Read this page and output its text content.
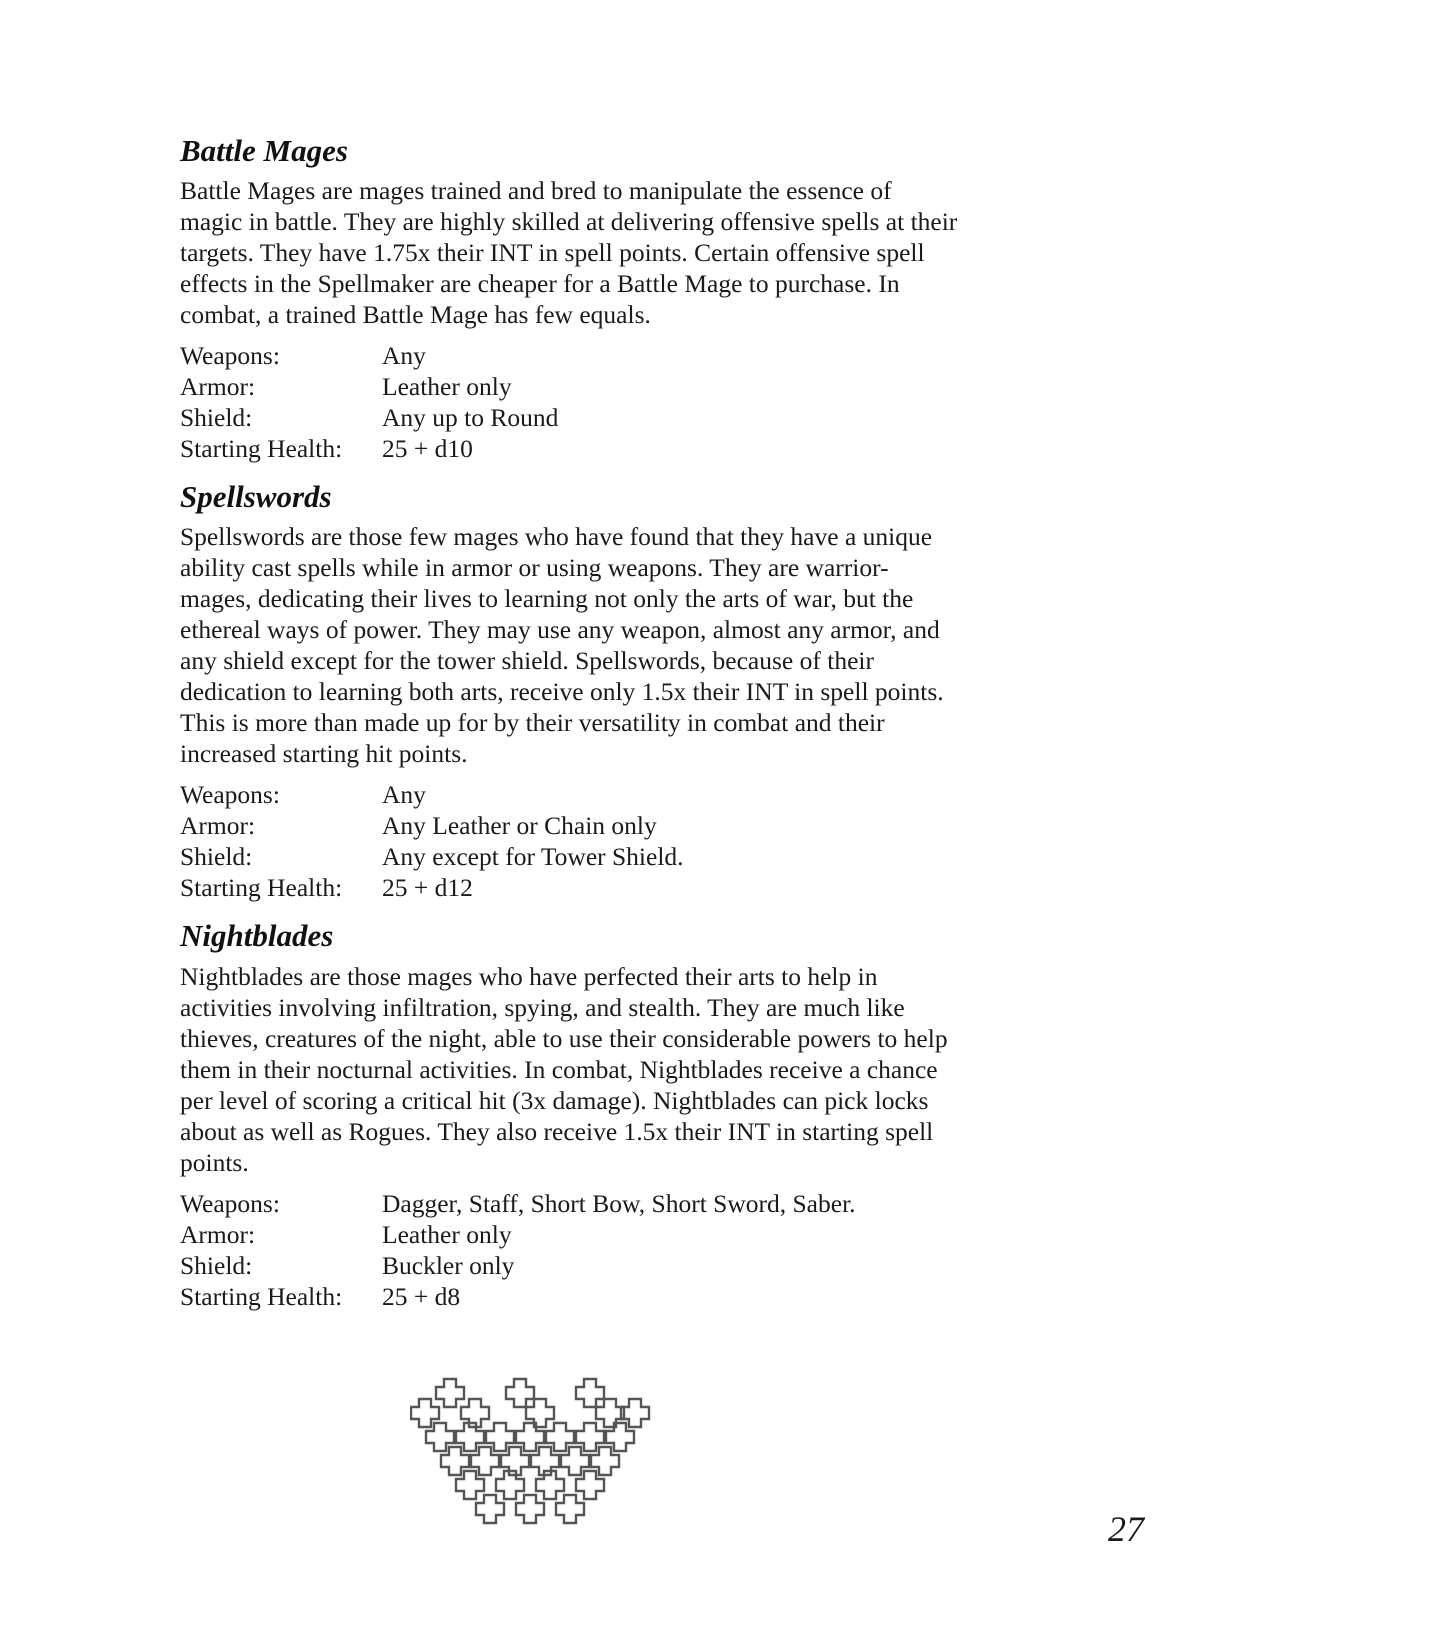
Battle Mages

Battle Mages are mages trained and bred to manipulate the essence of magic in battle. They are highly skilled at delivering offensive spells at their targets. They have 1.75x their INT in spell points. Certain offensive spell effects in the Spellmaker are cheaper for a Battle Mage to purchase. In combat, a trained Battle Mage has few equals.

Weapons:	Any
Armor:	Leather only
Shield:	Any up to Round
Starting Health:	25 + d10
Spellswords

Spellswords are those few mages who have found that they have a unique ability cast spells while in armor or using weapons. They are warrior-mages, dedicating their lives to learning not only the arts of war, but the ethereal ways of power. They may use any weapon, almost any armor, and any shield except for the tower shield. Spellswords, because of their dedication to learning both arts, receive only 1.5x their INT in spell points. This is more than made up for by their versatility in combat and their increased starting hit points.

Weapons:	Any
Armor:	Any Leather or Chain only
Shield:	Any except for Tower Shield.
Starting Health:	25 + d12
Nightblades

Nightblades are those mages who have perfected their arts to help in activities involving infiltration, spying, and stealth. They are much like thieves, creatures of the night, able to use their considerable powers to help them in their nocturnal activities. In combat, Nightblades receive a chance per level of scoring a critical hit (3x damage). Nightblades can pick locks about as well as Rogues. They also receive 1.5x their INT in starting spell points.

Weapons:	Dagger, Staff, Short Bow, Short Sword, Saber.
Armor:	Leather only
Shield:	Buckler only
Starting Health:	25 + d8
27
